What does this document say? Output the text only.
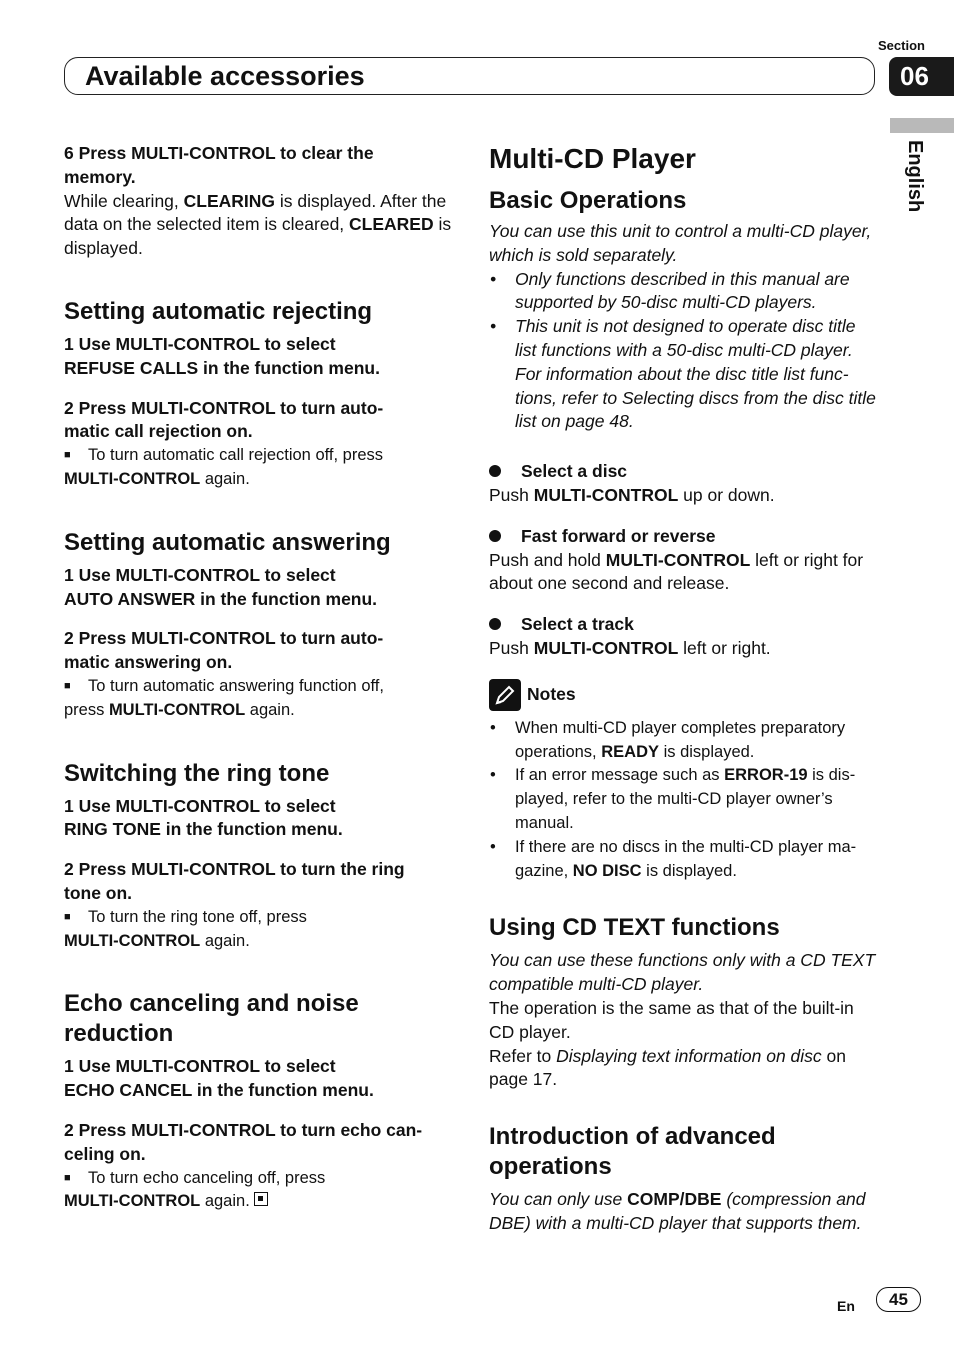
Section
06
Available accessories
English

6 Press MULTI-CONTROL to clear the
memory.

While clearing, CLEARING is displayed. After the data on the selected item is cleared, CLEARED is displayed.

Setting automatic rejecting

1 Use MULTI-CONTROL to select
REFUSE CALLS in the function menu.

2 Press MULTI-CONTROL to turn auto-
matic call rejection on.

■ To turn automatic call rejection off, press
MULTI-CONTROL again.

Setting automatic answering

1 Use MULTI-CONTROL to select
AUTO ANSWER in the function menu.

2 Press MULTI-CONTROL to turn auto-
matic answering on.

■ To turn automatic answering function off,
press MULTI-CONTROL again.

Switching the ring tone

1 Use MULTI-CONTROL to select
RING TONE in the function menu.

2 Press MULTI-CONTROL to turn the ring
tone on.

■ To turn the ring tone off, press
MULTI-CONTROL again.

Echo canceling and noise reduction

1 Use MULTI-CONTROL to select
ECHO CANCEL in the function menu.

2 Press MULTI-CONTROL to turn echo can-
celing on.

■ To turn echo canceling off, press
MULTI-CONTROL again.

Multi-CD Player
Basic Operations

You can use this unit to control a multi-CD player, which is sold separately.

• Only functions described in this manual are supported by 50-disc multi-CD players.
• This unit is not designed to operate disc title list functions with a 50-disc multi-CD player. For information about the disc title list func-tions, refer to Selecting discs from the disc title list on page 48.

Select a disc

Push MULTI-CONTROL up or down.

Fast forward or reverse

Push and hold MULTI-CONTROL left or right for about one second and release.

Select a track

Push MULTI-CONTROL left or right.

Notes
• When multi-CD player completes preparatory operations, READY is displayed.
• If an error message such as ERROR-19 is dis-played, refer to the multi-CD player owner’s manual.
• If there are no discs in the multi-CD player ma-gazine, NO DISC is displayed.
Using CD TEXT functions

You can use these functions only with a CD TEXT compatible multi-CD player.

The operation is the same as that of the built-in CD player.

Refer to Displaying text information on disc on page 17.

Introduction of advanced operations

You can only use COMP/DBE (compression and DBE) with a multi-CD player that supports them.

En	45
